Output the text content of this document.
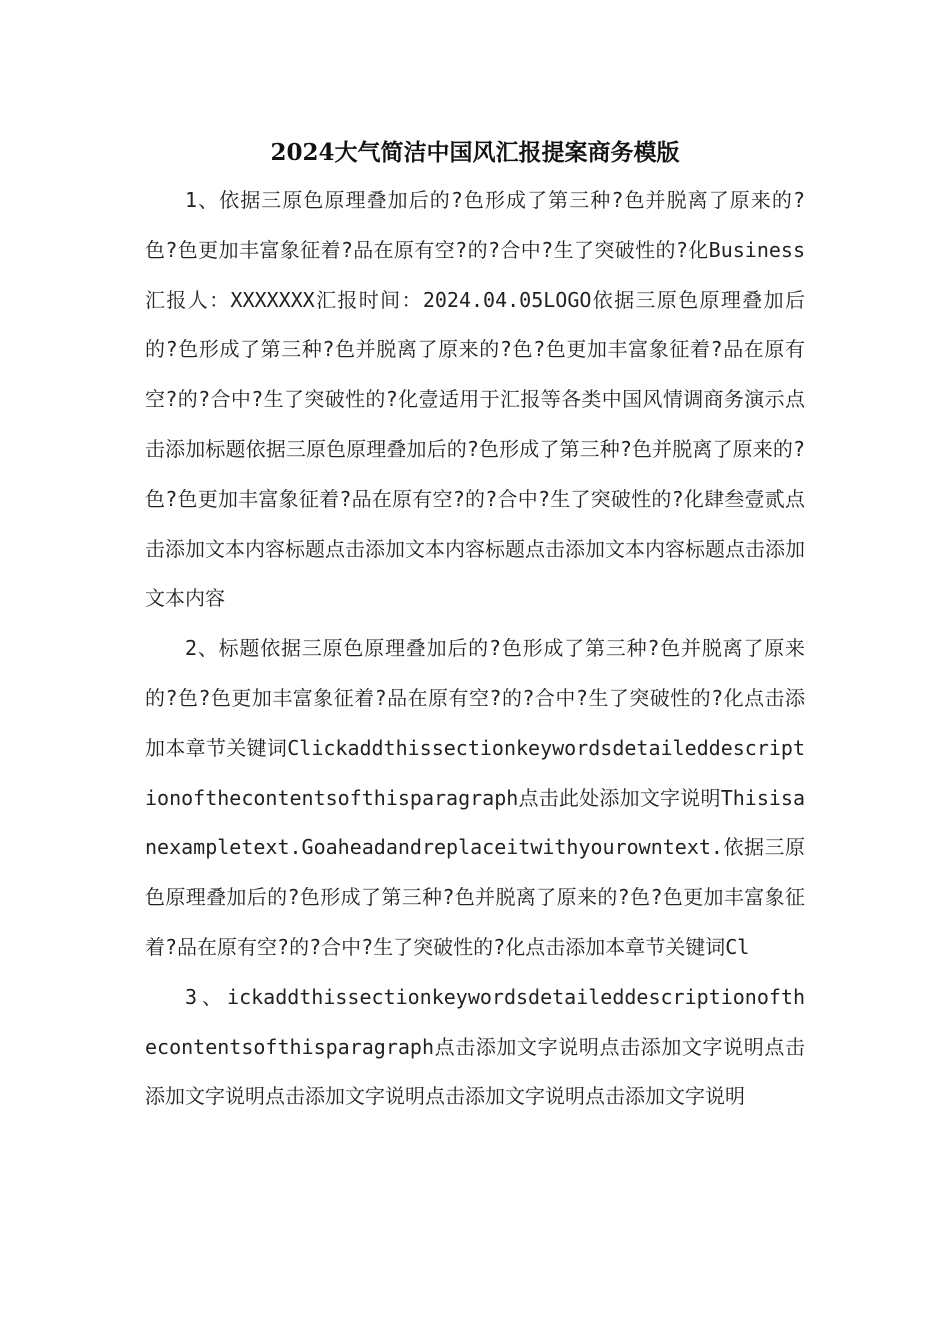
2024大气简洁中国风汇报提案商务模版

1、依据三原色原理叠加后的?色形成了第三种?色并脱离了原来的?色?色更加丰富象征着?品在原有空?的?合中?生了突破性的?化Business汇报人：XXXXXXX汇报时间：2024.04.05LOGO依据三原色原理叠加后的?色形成了第三种?色并脱离了原来的?色?色更加丰富象征着?品在原有空?的?合中?生了突破性的?化壹适用于汇报等各类中国风情调商务演示点击添加标题依据三原色原理叠加后的?色形成了第三种?色并脱离了原来的?色?色更加丰富象征着?品在原有空?的?合中?生了突破性的?化肆叁壹贰点击添加文本内容标题点击添加文本内容标题点击添加文本内容标题点击添加文本内容

2、标题依据三原色原理叠加后的?色形成了第三种?色并脱离了原来的?色?色更加丰富象征着?品在原有空?的?合中?生了突破性的?化点击添加本章节关键词Clickaddthissectionkeywordsdetaileddescriptionofthecontentsofthisparagraph点击此处添加文字说明Thisisanexampletext.Goaheadandreplaceitwithyourowntext.依据三原色原理叠加后的?色形成了第三种?色并脱离了原来的?色?色更加丰富象征着?品在原有空?的?合中?生了突破性的?化点击添加本章节关键词Cl

3、ickaddthissectionkeywordsdetaileddescriptionofthecontentsofthisparagraph点击添加文字说明点击添加文字说明点击添加文字说明点击添加文字说明点击添加文字说明点击添加文字说明
